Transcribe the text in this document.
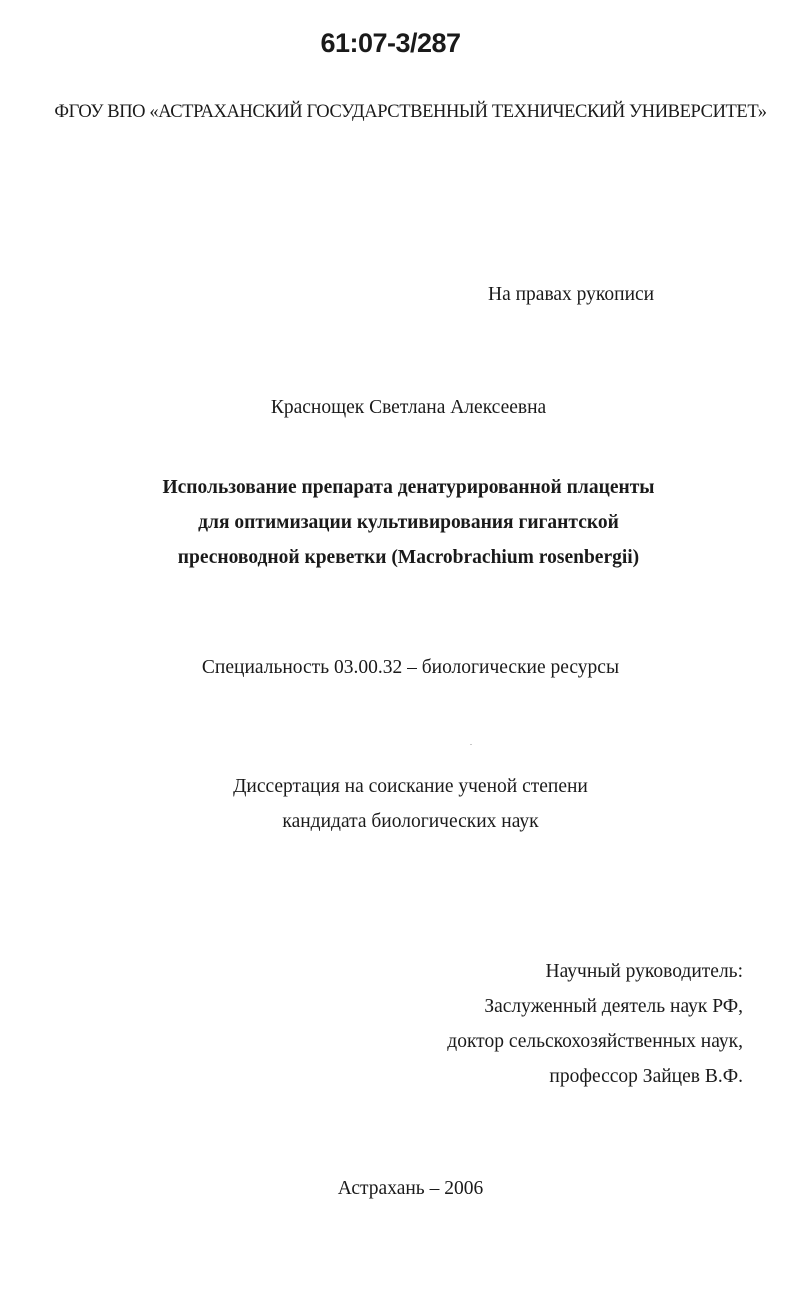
61:07-3/287
ФГОУ ВПО «АСТРАХАНСКИЙ ГОСУДАРСТВЕННЫЙ ТЕХНИЧЕСКИЙ УНИВЕРСИТЕТ»
На правах рукописи
Краснощек Светлана Алексеевна
Использование препарата денатурированной плаценты
для оптимизации культивирования гигантской
пресноводной креветки (Macrobrachium rosenbergii)
Специальность 03.00.32 – биологические ресурсы
Диссертация на соискание ученой степени
кандидата биологических наук
Научный руководитель:
Заслуженный деятель наук РФ,
доктор сельскохозяйственных наук,
профессор Зайцев В.Ф.
Астрахань – 2006
